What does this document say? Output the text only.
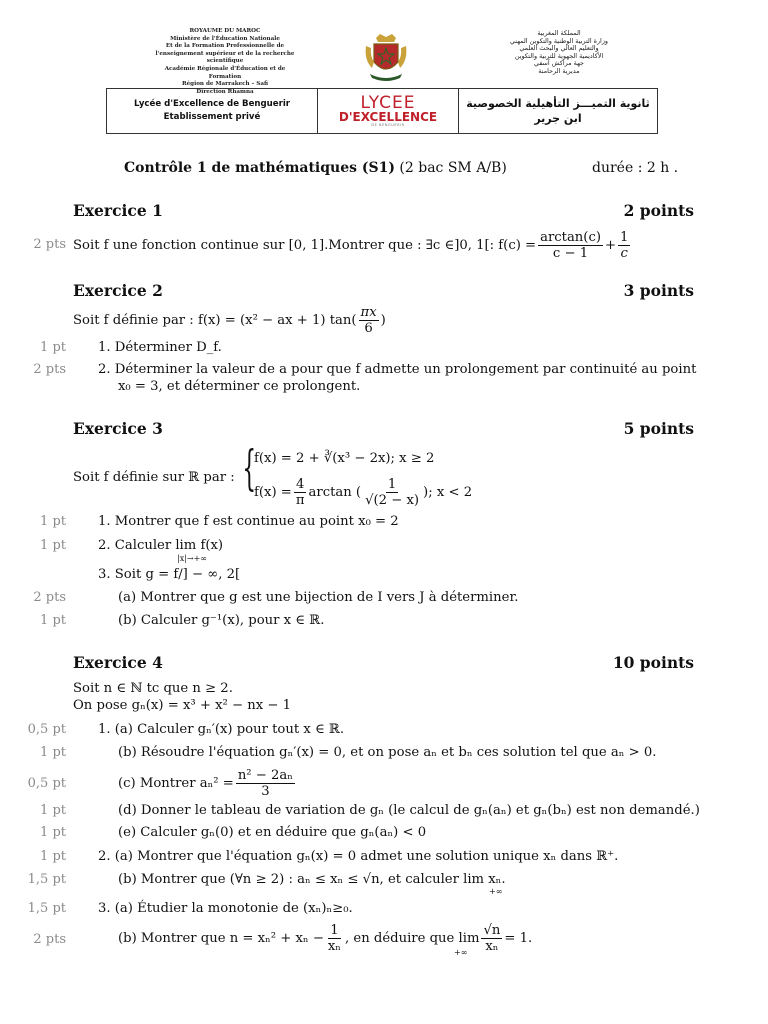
ROYAUME DU MAROC
Ministère de l'Éducation Nationale
Et de la Formation Professionnelle de
l'enseignement supérieur et de la recherche scientifique
Académie Régionale d'Éducation et de Formation
Région de Marrakech – Safi
Direction Rhamna
المملكة المغربية
وزارة التربية الوطنية والتكوين المهني
والتعليم العالي والبحث العلمي
الأكاديمية الجهوية للتربية والتكوين
جهة مراكش آسفي
مديرية الرحامنة
Lycée d'Excellence de Benguerir
Etablissement privé
LYCEE
D'EXCELLENCE
DE BENGUERIR
ثانوية التميـــز التأهيلية الخصوصية
ابن جرير
Contrôle 1 de mathématiques (S1) (2 bac SM A/B)	durée : 2 h .
Exercice 1	2 points
2 pts Soit f une fonction continue sur [0, 1].Montrer que : ∃c ∈]0, 1[: $f(c) = \frac{\arctan(c)}{c - 1} + \frac{1}{c}$
Exercice 2	3 points
Soit f définie par : f(x) = (x² − ax + 1) $\tan( \frac{\pi x}{6}$ )
1 pt 1. Déterminer D_f.
2 pts 2. Déterminer la valeur de a pour que f admette un prolongement par continuité au point
x₀ = 3, et déterminer ce prolongent.
Exercice 3	5 points
Soit f définie sur ℝ par : {
f(x) = 2 + ∛(x³ − 2x); x ≥ 2
$f(x) = \frac{4}{\pi}$ arctan ( $\frac{1}{√(2 - x)}$ ); x < 2
1 pt 1. Montrer que f est continue au point x₀ = 2
1 pt 2. Calculer lim f(x)
|x|→+∞
3. Soit g = f/] − ∞, 2[
2 pts	(a) Montrer que g est une bijection de I vers J à déterminer.
1 pt	(b) Calculer g⁻¹(x), pour x ∈ ℝ.
Exercice 4	10 points
Soit n ∈ ℕ tc que n ≥ 2.
On pose gₙ(x) = x³ + x² − nx − 1
0,5 pt 1. (a) Calculer gₙ′(x) pour tout x ∈ ℝ.
1 pt	(b) Résoudre l'équation gₙ′(x) = 0, et on pose aₙ et bₙ ces solution tel que aₙ > 0.
0,5 pt	(c) Montrer $a_n^2 = \frac{\text{n² − 2aₙ}}{3}$
1 pt	(d) Donner le tableau de variation de gₙ (le calcul de gₙ(aₙ) et gₙ(bₙ) est non demandé.)
1 pt	(e) Calculer gₙ(0) et en déduire que gₙ(aₙ) < 0
1 pt 2. (a) Montrer que l'équation gₙ(x) = 0 admet une solution unique xₙ dans ℝ⁺.
1,5 pt	(b) Montrer que (∀n ≥ 2) : aₙ ≤ xₙ ≤ √n, et calculer lim xₙ.
+∞
1,5 pt 3. (a) Étudier la monotonie de (xₙ)ₙ≥₀.
2 pts	(b) Montrer que $n = x_n^2 + x_n - \frac{1}{\text{xₙ}}$ , en déduire que $\lim \frac{√n}{\text{xₙ}} = 1$.
+∞
